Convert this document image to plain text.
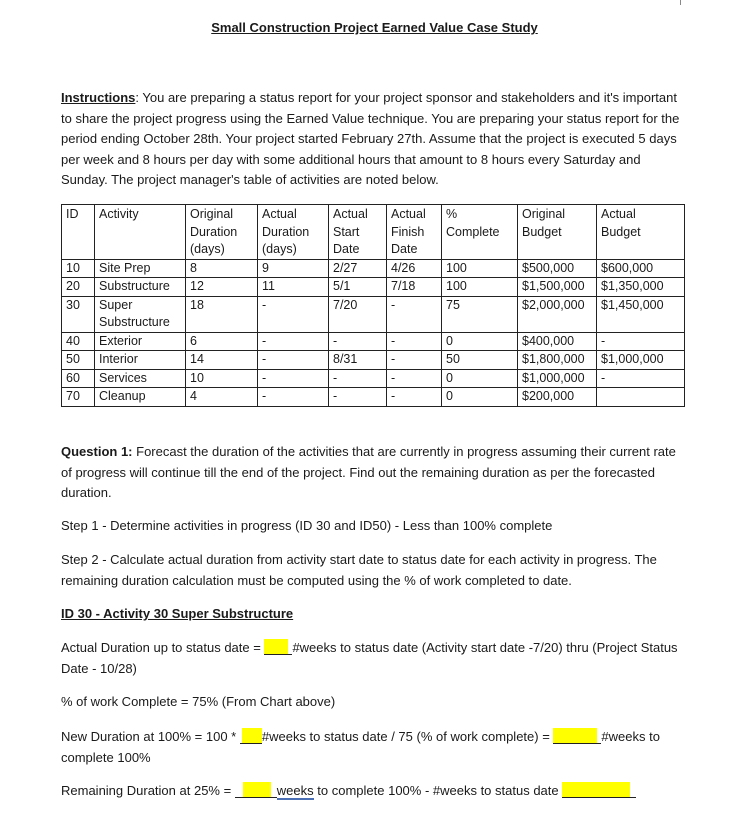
Small Construction Project Earned Value Case Study
Instructions: You are preparing a status report for your project sponsor and stakeholders and it's important to share the project progress using the Earned Value technique. You are preparing your status report for the period ending October 28th. Your project started February 27th. Assume that the project is executed 5 days per week and 8 hours per day with some additional hours that amount to 8 hours every Saturday and Sunday. The project manager's table of activities are noted below.
ID	Activity	Original
Duration
(days)	Actual
Duration
(days)	Actual
Start
Date	Actual
Finish
Date	%
Complete	Original
Budget	Actual
Budget
10	Site Prep	8	9	2/27	4/26	100	$500,000	$600,000
20	Substructure	12	11	5/1	7/18	100	$1,500,000	$1,350,000
30	Super
Substructure	18	-	7/20	-	75	$2,000,000	$1,450,000
40	Exterior	6	-	-	-	0	$400,000	-
50	Interior	14	-	8/31	-	50	$1,800,000	$1,000,000
60	Services	10	-	-	-	0	$1,000,000	-
70	Cleanup	4	-	-	-	0	$200,000	
Question 1: Forecast the duration of the activities that are currently in progress assuming their current rate of progress will continue till the end of the project. Find out the remaining duration as per the forecasted duration.
Step 1 - Determine activities in progress (ID 30 and ID50) - Less than 100% complete
Step 2 - Calculate actual duration from activity start date to status date for each activity in progress. The remaining duration calculation must be computed using the % of work completed to date.
ID 30 - Activity 30 Super Substructure
Actual Duration up to status date = #weeks to status date (Activity start date -7/20) thru (Project Status Date - 10/28)
% of work Complete = 75% (From Chart above)
New Duration at 100% = 100 * #weeks to status date / 75 (% of work complete) =	#weeks to complete 100%
Remaining Duration at 25% =	weeks to complete 100% - #weeks to status date
